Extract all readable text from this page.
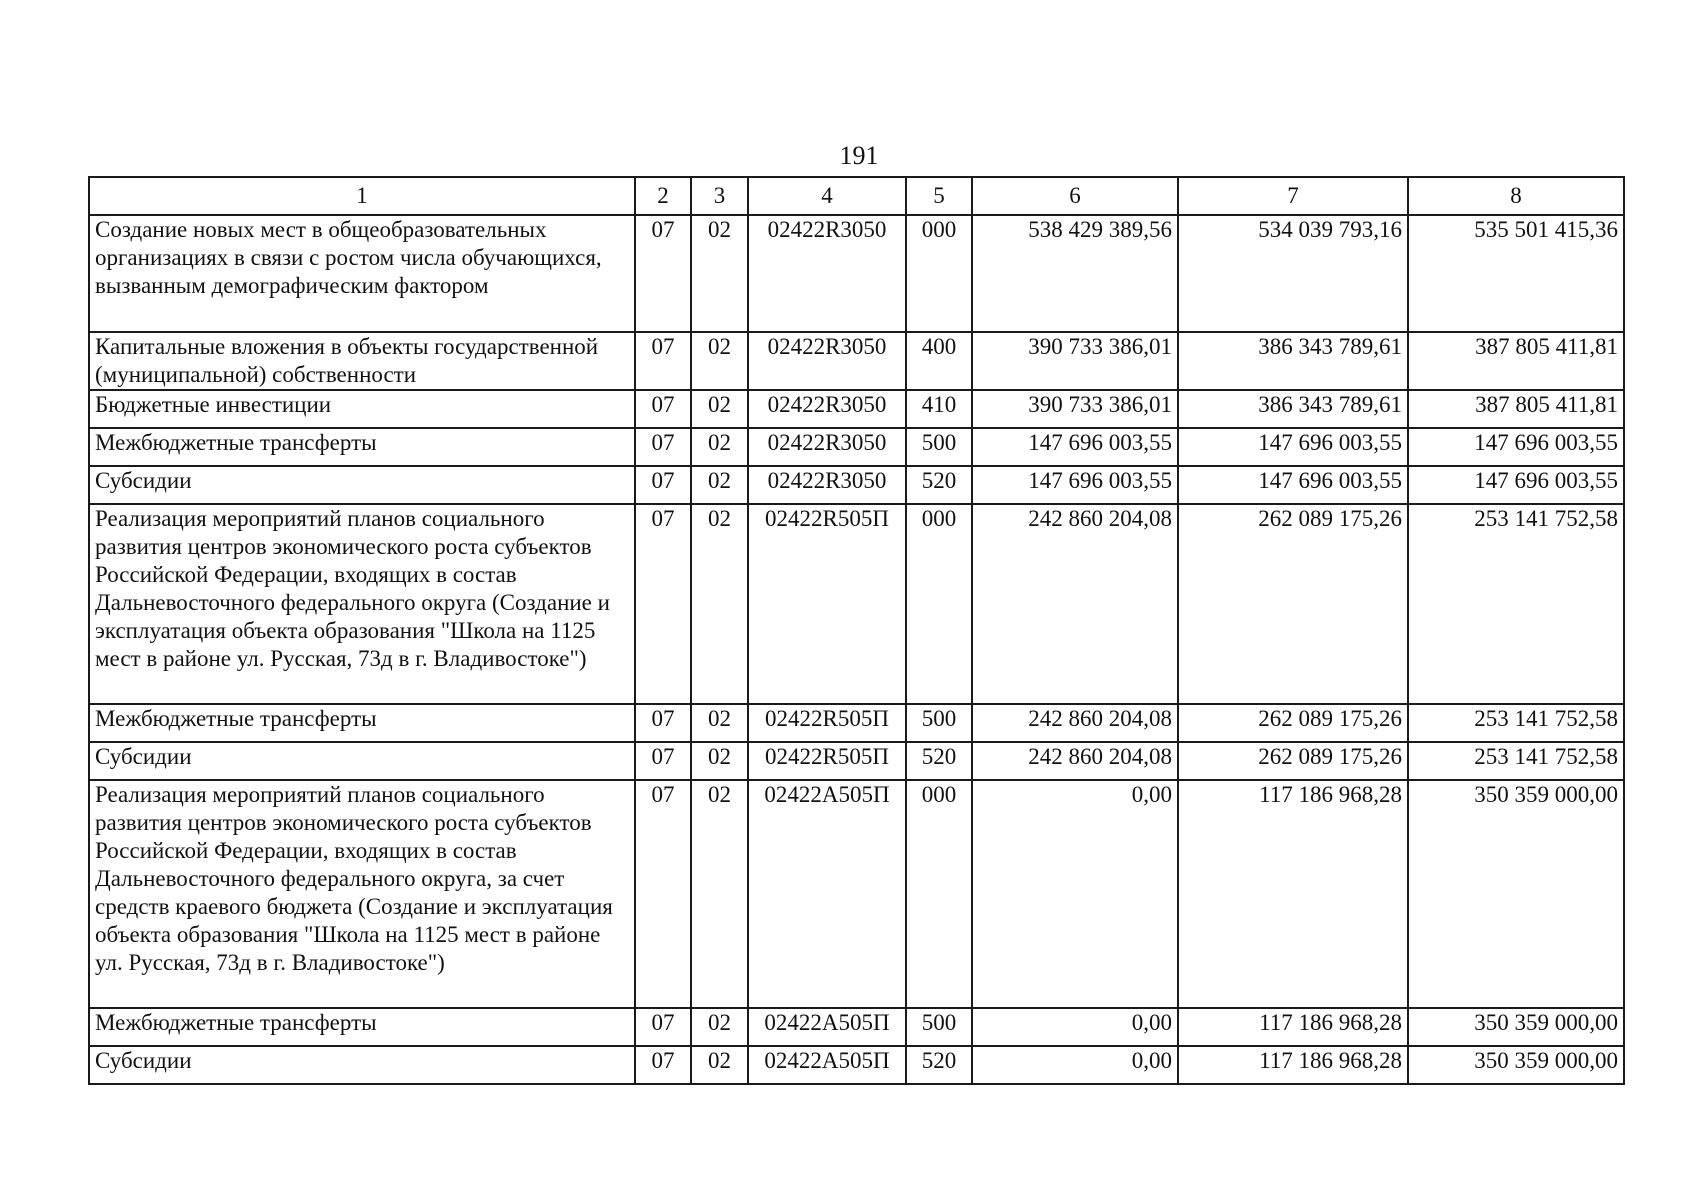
191
1	2	3	4	5	6	7	8
Создание новых мест в общеобразовательных организациях в связи с ростом числа обучающихся, вызванным демографическим фактором	07	02	02422R3050	000	538 429 389,56	534 039 793,16	535 501 415,36
Капитальные вложения в объекты государственной (муниципальной) собственности	07	02	02422R3050	400	390 733 386,01	386 343 789,61	387 805 411,81
Бюджетные инвестиции	07	02	02422R3050	410	390 733 386,01	386 343 789,61	387 805 411,81
Межбюджетные трансферты	07	02	02422R3050	500	147 696 003,55	147 696 003,55	147 696 003,55
Субсидии	07	02	02422R3050	520	147 696 003,55	147 696 003,55	147 696 003,55
Реализация мероприятий планов социального развития центров экономического роста субъектов Российской Федерации, входящих в состав Дальневосточного федерального округа (Создание и эксплуатация объекта образования "Школа на 1125 мест в районе ул. Русская, 73д в г. Владивостоке")	07	02	02422R505П	000	242 860 204,08	262 089 175,26	253 141 752,58
Межбюджетные трансферты	07	02	02422R505П	500	242 860 204,08	262 089 175,26	253 141 752,58
Субсидии	07	02	02422R505П	520	242 860 204,08	262 089 175,26	253 141 752,58
Реализация мероприятий планов социального развития центров экономического роста субъектов Российской Федерации, входящих в состав Дальневосточного федерального округа, за счет средств краевого бюджета (Создание и эксплуатация объекта образования "Школа на 1125 мест в районе ул. Русская, 73д в г. Владивостоке")	07	02	02422А505П	000	0,00	117 186 968,28	350 359 000,00
Межбюджетные трансферты	07	02	02422А505П	500	0,00	117 186 968,28	350 359 000,00
Субсидии	07	02	02422А505П	520	0,00	117 186 968,28	350 359 000,00
